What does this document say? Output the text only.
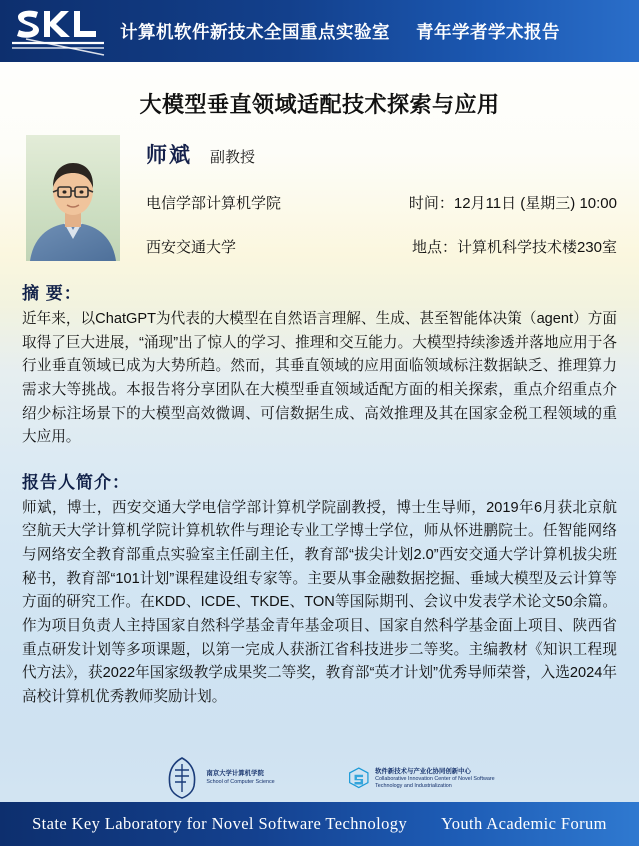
计算机软件新技术全国重点实验室 青年学者学术报告
大模型垂直领域适配技术探索与应用
师斌 副教授
电信学部计算机学院	时间：12月11日 (星期三) 10:00
西安交通大学	地点：计算机科学技术楼230室
摘 要：
近年来，以ChatGPT为代表的大模型在自然语言理解、生成、甚至智能体决策（agent）方面取得了巨大进展，“涌现”出了惊人的学习、推理和交互能力。大模型持续渗透并落地应用于各行业垂直领域已成为大势所趋。然而，其垂直领域的应用面临领域标注数据缺乏、推理算力需求大等挑战。本报告将分享团队在大模型垂直领域适配方面的相关探索，重点介绍重点介绍少标注场景下的大模型高效微调、可信数据生成、高效推理及其在国家金税工程领域的重大应用。
报告人简介：
师斌，博士，西安交通大学电信学部计算机学院副教授，博士生导师，2019年6月获北京航空航天大学计算机学院计算机软件与理论专业工学博士学位，师从怀进鹏院士。任智能网络与网络安全教育部重点实验室主任副主任，教育部“拔尖计划2.0”西安交通大学计算机拔尖班秘书，教育部“101计划”课程建设组专家等。主要从事金融数据挖掘、垂域大模型及云计算等方面的研究工作。在KDD、ICDE、TKDE、TON等国际期刊、会议中发表学术论文50余篇。作为项目负责人主持国家自然科学基金青年基金项目、国家自然科学基金面上项目、陕西省重点研发计划等多项课题，以第一完成人获浙江省科技进步二等奖。主编教材《知识工程现代方法》，获2022年国家级教学成果奖二等奖，教育部“英才计划”优秀导师荣誉，入选2024年高校计算机优秀教师奖励计划。
南京大学计算机学院
School of Computer Science
软件新技术与产业化协同创新中心
Collaborative Innovation Center of Novel Software Technology and Industrialization
State Key Laboratory for Novel Software Technology Youth Academic Forum
